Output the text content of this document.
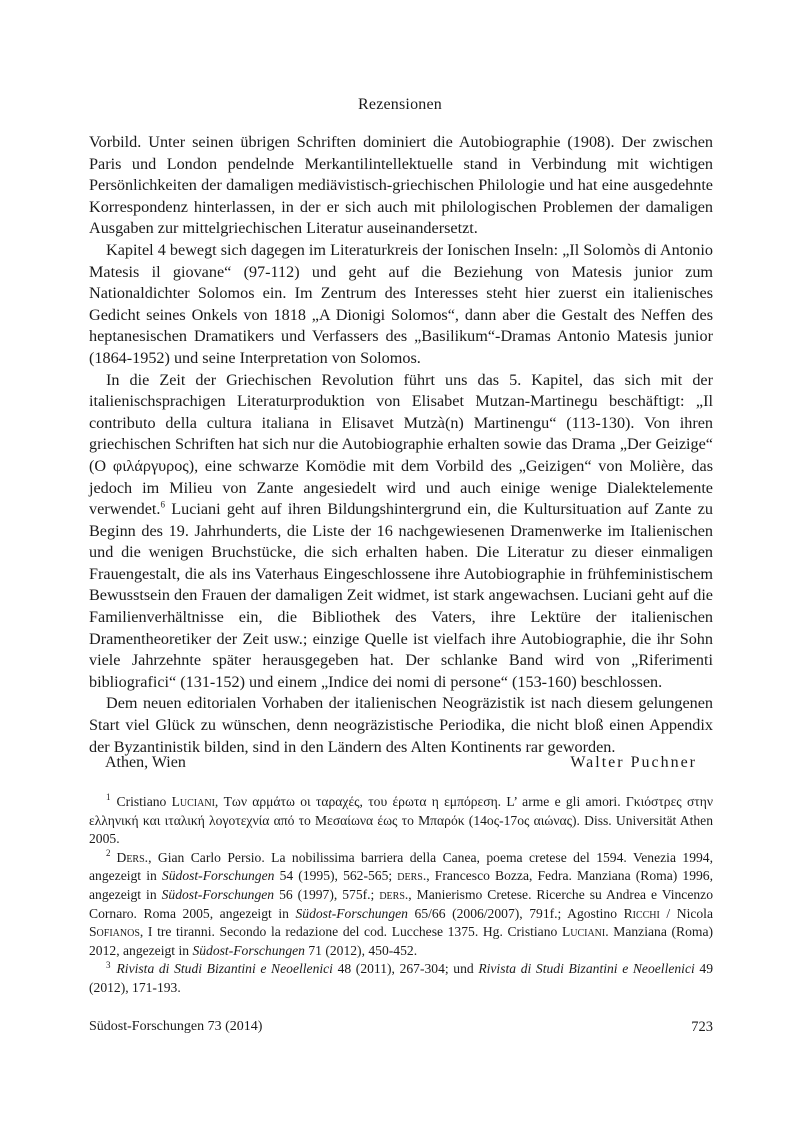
Rezensionen

Vorbild. Unter seinen übrigen Schriften dominiert die Autobiographie (1908). Der zwischen Paris und London pendelnde Merkantilintellektuelle stand in Verbindung mit wichtigen Persönlichkeiten der damaligen mediävistisch-griechischen Philologie und hat eine ausgedehnte Korrespondenz hinterlassen, in der er sich auch mit philologischen Problemen der damaligen Ausgaben zur mittelgriechischen Literatur auseinandersetzt.

Kapitel 4 bewegt sich dagegen im Literaturkreis der Ionischen Inseln: „Il Solomòs di Antonio Matesis il giovane“ (97-112) und geht auf die Beziehung von Matesis junior zum Nationaldichter Solomos ein. Im Zentrum des Interesses steht hier zuerst ein italienisches Gedicht seines Onkels von 1818 „A Dionigi Solomos“, dann aber die Gestalt des Neffen des heptanesischen Dramatikers und Verfassers des „Basilikum“-Dramas Antonio Matesis junior (1864-1952) und seine Interpretation von Solomos.

In die Zeit der Griechischen Revolution führt uns das 5. Kapitel, das sich mit der italienischsprachigen Literaturproduktion von Elisabet Mutzan-Martinegu beschäftigt: „Il contributo della cultura italiana in Elisavet Mutzà(n) Martinengu“ (113-130). Von ihren griechischen Schriften hat sich nur die Autobiographie erhalten sowie das Drama „Der Geizige“ (Ο φιλάργυρος), eine schwarze Komödie mit dem Vorbild des „Geizigen“ von Molière, das jedoch im Milieu von Zante angesiedelt wird und auch einige wenige Dialektelemente verwendet.$^6$ Luciani geht auf ihren Bildungshintergrund ein, die Kultursituation auf Zante zu Beginn des 19. Jahrhunderts, die Liste der 16 nachgewiesenen Dramenwerke im Italienischen und die wenigen Bruchstücke, die sich erhalten haben. Die Literatur zu dieser einmaligen Frauengestalt, die als ins Vaterhaus Eingeschlossene ihre Autobiographie in frühfeministischem Bewusstsein den Frauen der damaligen Zeit widmet, ist stark angewachsen. Luciani geht auf die Familienverhältnisse ein, die Bibliothek des Vaters, ihre Lektüre der italienischen Dramentheoretiker der Zeit usw.; einzige Quelle ist vielfach ihre Autobiographie, die ihr Sohn viele Jahrzehnte später herausgegeben hat. Der schlanke Band wird von „Riferimenti bibliografici“ (131-152) und einem „Indice dei nomi di persone“ (153-160) beschlossen.

Dem neuen editorialen Vorhaben der italienischen Neogräzistik ist nach diesem gelungenen Start viel Glück zu wünschen, denn neogräzistische Periodika, die nicht bloß einen Appendix der Byzantinistik bilden, sind in den Ländern des Alten Kontinents rar geworden.

Athen, Wien	Walter Puchner

$^1$ Cristiano Luciani, Των αρμάτω οι ταραχές, του έρωτα η εμπόρεση. L’ arme e gli amori. Γκιόστρες στην ελληνική και ιταλική λογοτεχνία από το Μεσαίωνα έως το Μπαρόκ (14ος-17ος αιώνας). Diss. Universität Athen 2005.

$^2$ Ders., Gian Carlo Persio. La nobilissima barriera della Canea, poema cretese del 1594. Venezia 1994, angezeigt in Südost-Forschungen 54 (1995), 562-565; ders., Francesco Bozza, Fedra. Manziana (Roma) 1996, angezeigt in Südost-Forschungen 56 (1997), 575f.; ders., Manierismo Cretese. Ricerche su Andrea e Vincenzo Cornaro. Roma 2005, angezeigt in Südost-Forschungen 65/66 (2006/2007), 791f.; Agostino Ricchi / Nicola Sofianos, I tre tiranni. Secondo la redazione del cod. Lucchese 1375. Hg. Cristiano Luciani. Manziana (Roma) 2012, angezeigt in Südost-Forschungen 71 (2012), 450-452.

$^3$ Rivista di Studi Bizantini e Neoellenici 48 (2011), 267-304; und Rivista di Studi Bizantini e Neoellenici 49 (2012), 171-193.

Südost-Forschungen 73 (2014)	723
